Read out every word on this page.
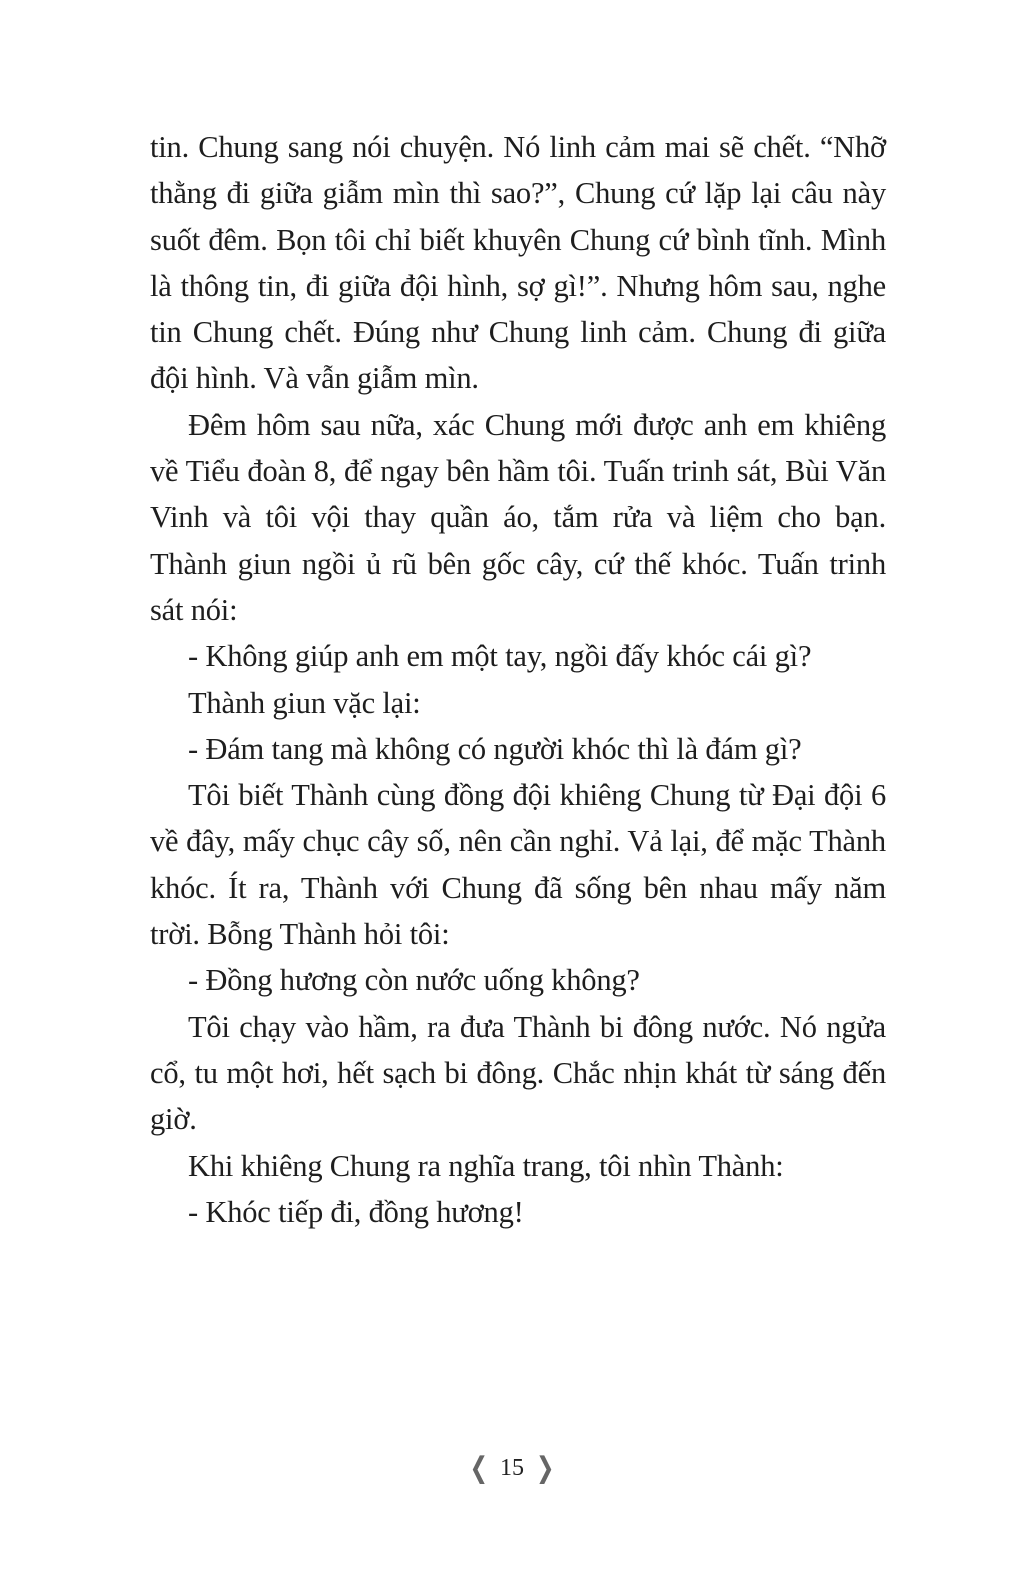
tin. Chung sang nói chuyện. Nó linh cảm mai sẽ chết. “Nhỡ thằng đi giữa giẫm mìn thì sao?”, Chung cứ lặp lại câu này suốt đêm. Bọn tôi chỉ biết khuyên Chung cứ bình tĩnh. Mình là thông tin, đi giữa đội hình, sợ gì!”. Nhưng hôm sau, nghe tin Chung chết. Đúng như Chung linh cảm. Chung đi giữa đội hình. Và vẫn giẫm mìn.

Đêm hôm sau nữa, xác Chung mới được anh em khiêng về Tiểu đoàn 8, để ngay bên hầm tôi. Tuấn trinh sát, Bùi Văn Vinh và tôi vội thay quần áo, tắm rửa và liệm cho bạn. Thành giun ngồi ủ rũ bên gốc cây, cứ thế khóc. Tuấn trinh sát nói:

- Không giúp anh em một tay, ngồi đấy khóc cái gì?

Thành giun vặc lại:

- Đám tang mà không có người khóc thì là đám gì?

Tôi biết Thành cùng đồng đội khiêng Chung từ Đại đội 6 về đây, mấy chục cây số, nên cần nghỉ. Vả lại, để mặc Thành khóc. Ít ra, Thành với Chung đã sống bên nhau mấy năm trời. Bỗng Thành hỏi tôi:

- Đồng hương còn nước uống không?

Tôi chạy vào hầm, ra đưa Thành bi đông nước. Nó ngửa cổ, tu một hơi, hết sạch bi đông. Chắc nhịn khát từ sáng đến giờ.

Khi khiêng Chung ra nghĩa trang, tôi nhìn Thành:

- Khóc tiếp đi, đồng hương!

❮ 15 ❯
